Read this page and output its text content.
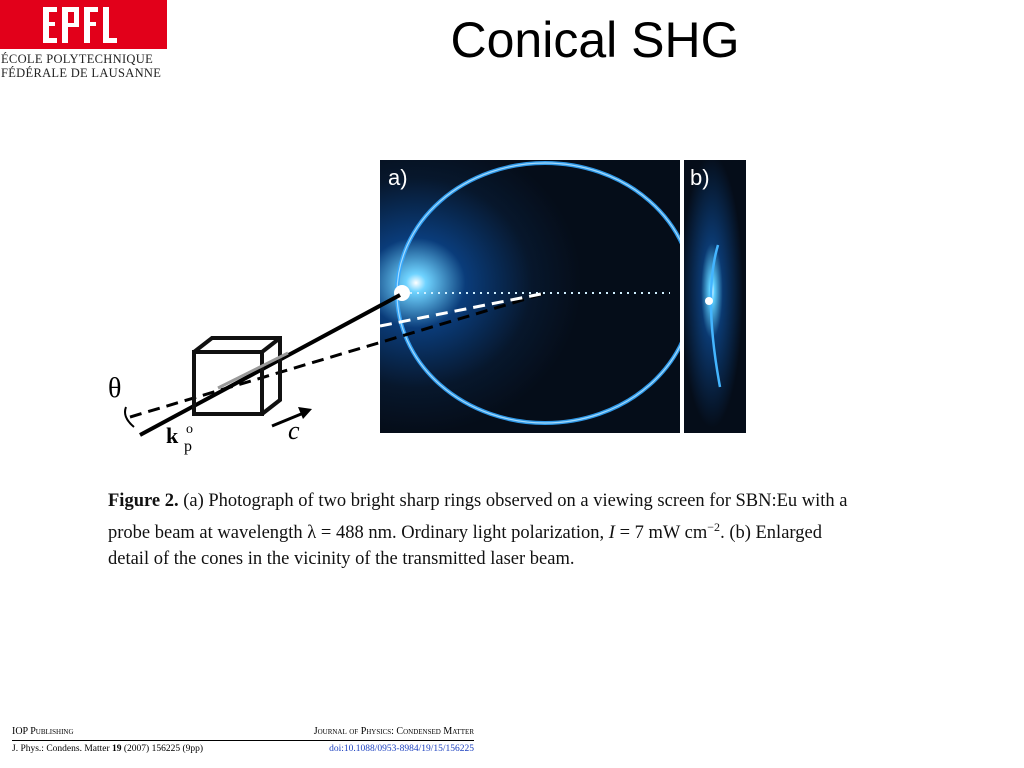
ÉCOLE POLYTECHNIQUE
FÉDÉRALE DE LAUSANNE
Conical SHG
a)	b)
c
θ
k o
p
Figure 2. (a) Photograph of two bright sharp rings observed on a viewing screen for SBN:Eu with a
probe beam at wavelength λ = 488 nm. Ordinary light polarization, I = 7 mW $cm^{-2}$. (b) Enlarged
detail of the cones in the vicinity of the transmitted laser beam.
IOP Publishing	Journal of Physics: Condensed Matter
J. Phys.: Condens. Matter 19 (2007) 156225 (9pp)	doi:10.1088/0953-8984/19/15/156225
